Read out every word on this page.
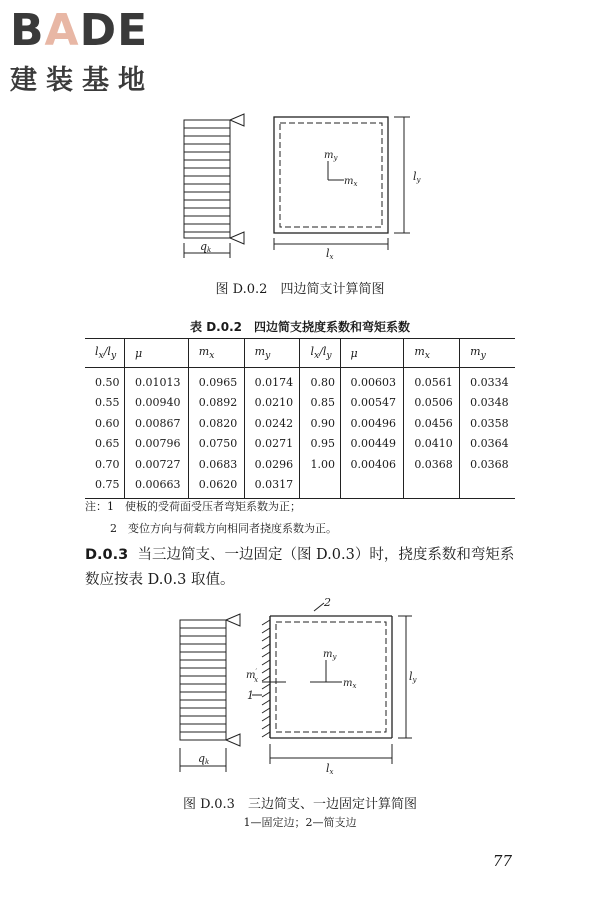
BADE
建装基地
qk
$m_y$
$m_x$
lx
ly
图 D.0.2　四边简支计算简图
表 D.0.2　四边简支挠度系数和弯矩系数
$l_x/l_y$	μ	$m_x$	$m_y$	$l_x/l_y$	μ	$m_x$	$m_y$
0.50	0.01013	0.0965	0.0174	0.80	0.00603	0.0561	0.0334
0.55	0.00940	0.0892	0.0210	0.85	0.00547	0.0506	0.0348
0.60	0.00867	0.0820	0.0242	0.90	0.00496	0.0456	0.0358
0.65	0.00796	0.0750	0.0271	0.95	0.00449	0.0410	0.0364
0.70	0.00727	0.0683	0.0296	1.00	0.00406	0.0368	0.0368
0.75	0.00663	0.0620	0.0317				
注：1　使板的受荷面受压者弯矩系数为正；
2　变位方向与荷载方向相同者挠度系数为正。
D.0.3 当三边简支、一边固定（图 D.0.3）时，挠度系数和弯矩系数应按表 D.0.3 取值。
qk
m′ x
$m_y$
$m_x$
1
2
lx
ly
图 D.0.3　三边简支、一边固定计算简图
1—固定边；2—简支边
77
